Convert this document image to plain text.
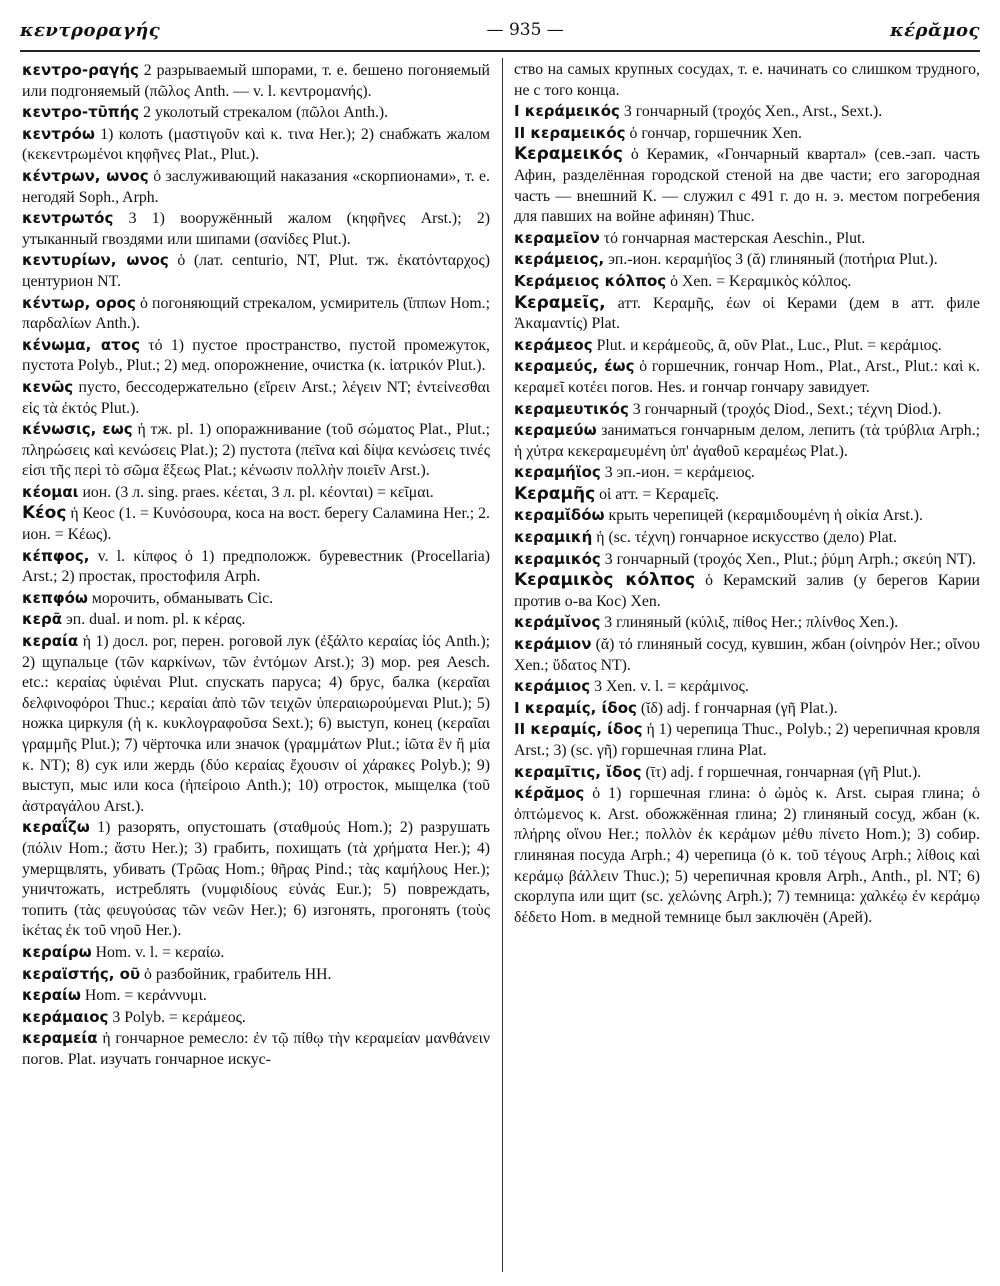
κεντροραγής	— 935 —	κέρᾰμος

κεντρο-ραγής 2 разрываемый шпорами, т. е. бешено погоняемый или подгоняемый (πῶλος Anth. — v. l. κεντρομανής).

κεντρο-τῡπής 2 уколотый стрекалом (πῶλοι Anth.).

κεντρόω 1) колоть (μαστιγοῦν καὶ κ. τινα Her.); 2) снабжать жалом (κεκεντρωμένοι κηφῆνες Plat., Plut.).

κέντρων, ωνος ὁ заслуживающий наказания «скорпионами», т. е. негодяй Soph., Arph.

κεντρωτός 3 1) вооружённый жалом (κηφῆνες Arst.); 2) утыканный гвоздями или шипами (σανίδες Plut.).

κεντυρίων, ωνος ὁ (лат. centurio, NT, Plut. тж. ἑκατόνταρχος) центурион NT.

κέντωρ, ορος ὁ погоняющий стрекалом, усмиритель (ἵππων Hom.; παρδαλίων Anth.).

κένωμα, ατος τό 1) пустое пространство, пустой промежуток, пустота Polyb., Plut.; 2) мед. опорожнение, очистка (κ. ἰατρικόν Plut.).

κενῶς пусто, бессодержательно (εἴρειν Arst.; λέγειν NT; ἐντείνεσθαι εἰς τὰ ἐκτός Plut.).

κένωσις, εως ἡ тж. pl. 1) опоражнивание (τοῦ σώματος Plat., Plut.; πληρώσεις καὶ κενώσεις Plat.); 2) пустота (πεῖνα καὶ δίψα κενώσεις τινές εἰσι τῆς περὶ τὸ σῶμα ἕξεως Plat.; κένωσιν πολλὴν ποιεῖν Arst.).

κέομαι ион. (3 л. sing. praes. κέεται, 3 л. pl. κέονται) = κεῖμαι.

Κέος ἡ Кеос (1. = Κυνόσουρα, коса на вост. берегу Саламина Her.; 2. ион. = Κέως).

κέπφος, v. l. κίπφος ὁ 1) предположж. буревестник (Procellaria) Arst.; 2) простак, простофиля Arph.

κεπφόω морочить, обманывать Cic.

κερᾶ эп. dual. и nom. pl. к κέρας.

κεραία ἡ 1) досл. рог, перен. роговой лук (ἐξάλτο κεραίας ἰός Anth.); 2) щупальце (τῶν καρκίνων, τῶν ἐντόμων Arst.); 3) мор. рея Aesch. etc.: κεραίας ὑφιέναι Plut. спускать паруса; 4) брус, балка (κεραῖαι δελφινοφόροι Thuc.; κεραίαι ἀπὸ τῶν τειχῶν ὑπεραιωρούμεναι Plut.); 5) ножка циркуля (ἡ κ. κυκλογραφοῦσα Sext.); 6) выступ, конец (κεραῖαι γραμμῆς Plut.); 7) чёрточка или значок (γραμμάτων Plut.; ἰῶτα ἓν ἢ μία κ. NT); 8) сук или жердь (δύο κεραίας ἔχουσιν οἱ χάρακες Polyb.); 9) выступ, мыс или коса (ἠπείροιο Anth.); 10) отросток, мыщелка (τοῦ ἀστραγάλου Arst.).

κεραΐζω 1) разорять, опустошать (σταθμούς Hom.); 2) разрушать (πόλιν Hom.; ἄστυ Her.); 3) грабить, похищать (τὰ χρήματα Her.); 4) умерщвлять, убивать (Τρῶας Hom.; θῆρας Pind.; τὰς καμήλους Her.); уничтожать, истреблять (νυμφιδίους εὐνάς Eur.); 5) повреждать, топить (τὰς φευγούσας τῶν νεῶν Her.); 6) изгонять, прогонять (τοὺς ἱκέτας ἐκ τοῦ νηοῦ Her.).

κεραίρω Hom. v. l. = κεραίω.

κεραϊστής, οῦ ὁ разбойник, грабитель HH.

κεραίω Hom. = κεράννυμι.

κεράμαιος 3 Polyb. = κεράμεος.

κεραμεία ἡ гончарное ремесло: ἐν τῷ πίθῳ τὴν κεραμείαν μανθάνειν погов. Plat. изучать гончарное искус-

ство на самых крупных сосудах, т. е. начинать со слишком трудного, не с того конца.

I κεράμεικός 3 гончарный (τροχός Xen., Arst., Sext.).

II κεραμεικός ὁ гончар, горшечник Xen.

Κεραμεικός ὁ Керамик, «Гончарный квартал» (сев.-зап. часть Афин, разделённая городской стеной на две части; его загородная часть — внешний К. — служил с 491 г. до н. э. местом погребения для павших на войне афинян) Thuc.

κεραμεῖον τό гончарная мастерская Aeschin., Plut.

κεράμειος, эп.-ион. κεραμήϊος 3 (ᾰ) глиняный (ποτήρια Plut.).

Κεράμειος κόλπος ὁ Xen. = Κεραμικὸς κόλπος.

Κεραμεῖς, атт. Κεραμῆς, έων οἱ Керами (дем в атт. филе Ἀκαμαντίς) Plat.

κεράμεος Plut. и κεράμεοῦς, ᾶ, οῦν Plat., Luc., Plut. = κεράμιος.

κεραμεύς, έως ὁ горшечник, гончар Hom., Plat., Arst., Plut.: καὶ κ. κεραμεῖ κοτέει погов. Hes. и гончар гончару завидует.

κεραμευτικός 3 гончарный (τροχός Diod., Sext.; τέχνη Diod.).

κεραμεύω заниматься гончарным делом, лепить (τὰ τρύβλια Arph.; ἡ χύτρα κεκεραμευμένη ὑπ' ἀγαθοῦ κεραμέως Plat.).

κεραμήϊος 3 эп.-ион. = κεράμειος.

Κεραμῆς οἱ атт. = Κεραμεῖς.

κεραμῐδόω крыть черепицей (κεραμιδουμένη ἡ οἰκία Arst.).

κεραμική ἡ (sc. τέχνη) гончарное искусство (дело) Plat.

κεραμικός 3 гончарный (τροχός Xen., Plut.; ῥύμη Arph.; σκεύη NT).

Κεραμικὸς κόλπος ὁ Керамский залив (у берегов Карии против о-ва Кос) Xen.

κεράμῐνος 3 глиняный (κύλιξ, πίθος Her.; πλίνθος Xen.).

κεράμιον (ᾰ) τό глиняный сосуд, кувшин, жбан (οἰνηρόν Her.; οἴνου Xen.; ὕδατος NT).

κεράμιος 3 Xen. v. l. = κεράμινος.

I κεραμίς, ίδος (ῐδ) adj. f гончарная (γῆ Plat.).

II κεραμίς, ίδος ἡ 1) черепица Thuc., Polyb.; 2) черепичная кровля Arst.; 3) (sc. γῆ) горшечная глина Plat.

κεραμῖτις, ῐδος (ῑτ) adj. f горшечная, гончарная (γῆ Plut.).

κέρᾰμος ὁ 1) горшечная глина: ὁ ὠμὸς κ. Arst. сырая глина; ὁ ὀπτώμενος κ. Arst. обожжённая глина; 2) глиняный сосуд, жбан (κ. πλήρης οἴνου Her.; πολλὸν ἐκ κεράμων μέθυ πίνετο Hom.); 3) собир. глиняная посуда Arph.; 4) черепица (ὁ κ. τοῦ τέγους Arph.; λίθοις καὶ κεράμῳ βάλλειν Thuc.); 5) черепичная кровля Arph., Anth., pl. NT; 6) скорлупа или щит (sc. χελώνης Arph.); 7) темница: χαλκέῳ ἐν κεράμῳ δέδετο Hom. в медной темнице был заключён (Арей).
